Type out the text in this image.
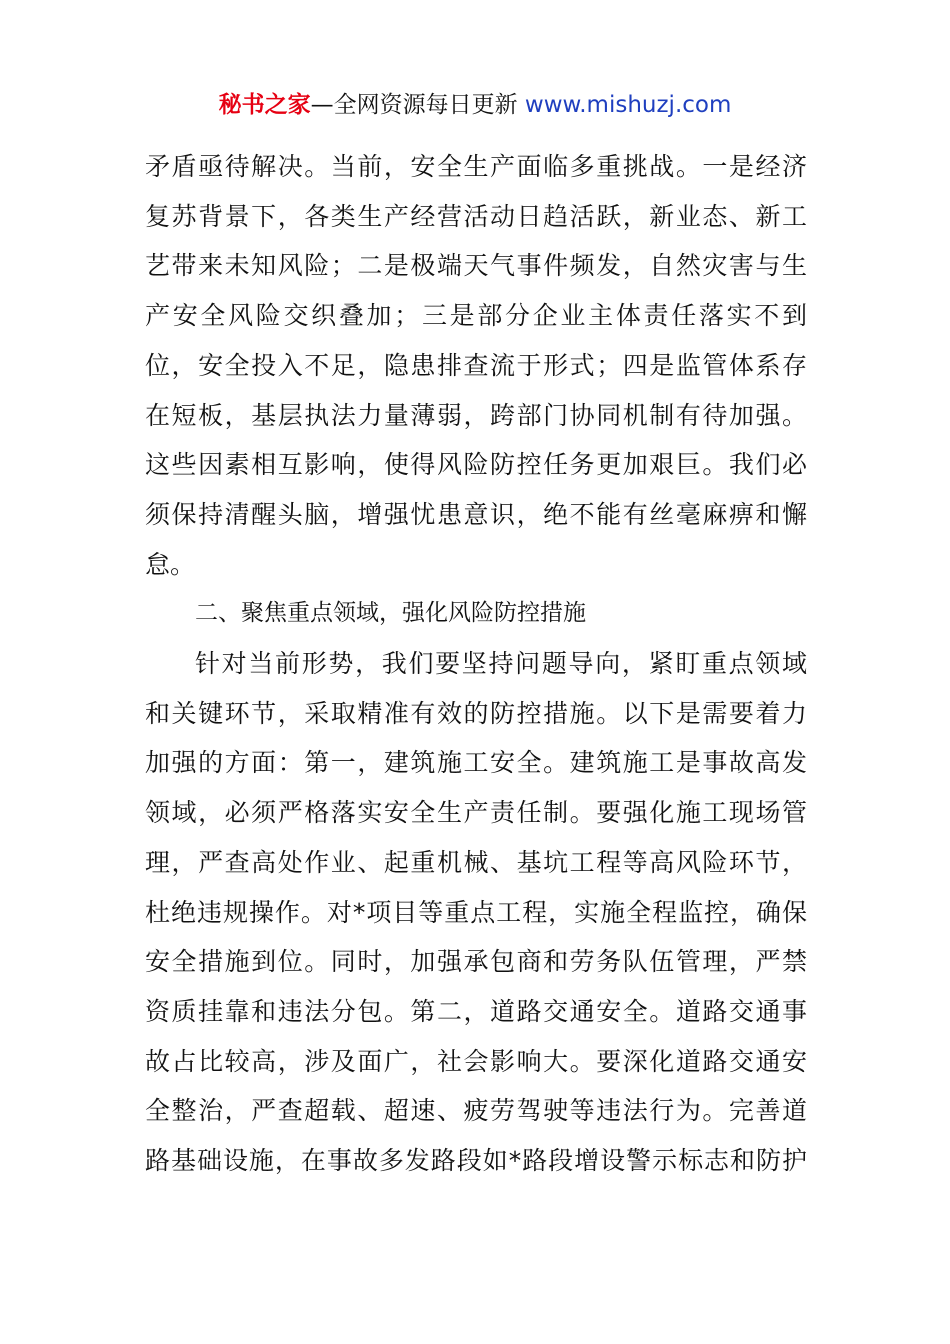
秘书之家—全网资源每日更新 www.mishuzj.com

矛盾亟待解决。当前，安全生产面临多重挑战。一是经济
复苏背景下，各类生产经营活动日趋活跃，新业态、新工
艺带来未知风险；二是极端天气事件频发，自然灾害与生
产安全风险交织叠加；三是部分企业主体责任落实不到
位，安全投入不足，隐患排查流于形式；四是监管体系存
在短板，基层执法力量薄弱，跨部门协同机制有待加强。
这些因素相互影响，使得风险防控任务更加艰巨。我们必
须保持清醒头脑，增强忧患意识，绝不能有丝毫麻痹和懈
怠。

二、聚焦重点领域，强化风险防控措施

针对当前形势，我们要坚持问题导向，紧盯重点领域
和关键环节，采取精准有效的防控措施。以下是需要着力
加强的方面：第一，建筑施工安全。建筑施工是事故高发
领域，必须严格落实安全生产责任制。要强化施工现场管
理，严查高处作业、起重机械、基坑工程等高风险环节，
杜绝违规操作。对*项目等重点工程，实施全程监控，确保
安全措施到位。同时，加强承包商和劳务队伍管理，严禁
资质挂靠和违法分包。第二，道路交通安全。道路交通事
故占比较高，涉及面广，社会影响大。要深化道路交通安
全整治，严查超载、超速、疲劳驾驶等违法行为。完善道
路基础设施，在事故多发路段如*路段增设警示标志和防护
